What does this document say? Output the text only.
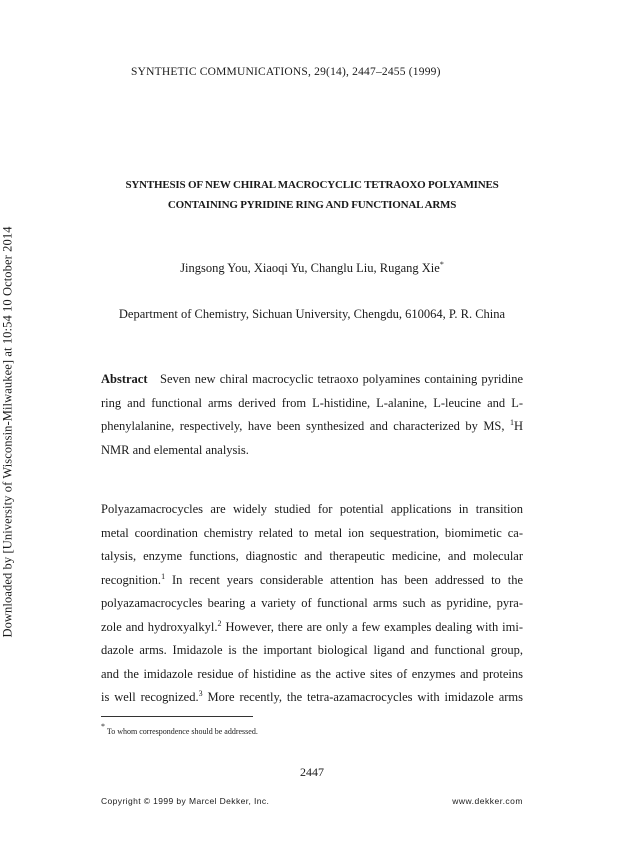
Downloaded by [University of Wisconsin-Milwaukee] at 10:54 10 October 2014
SYNTHETIC COMMUNICATIONS, 29(14), 2447–2455 (1999)
SYNTHESIS OF NEW CHIRAL MACROCYCLIC TETRAOXO POLYAMINES
CONTAINING PYRIDINE RING AND FUNCTIONAL ARMS
Jingsong You, Xiaoqi Yu, Changlu Liu, Rugang Xie*
Department of Chemistry, Sichuan University, Chengdu, 610064, P. R. China
Abstract Seven new chiral macrocyclic tetraoxo polyamines containing pyridine
ring and functional arms derived from L-histidine, L-alanine, L-leucine and L-
phenylalanine, respectively, have been synthesized and characterized by MS, $^1$H
NMR and elemental analysis.
Polyazamacrocycles are widely studied for potential applications in transition
metal coordination chemistry related to metal ion sequestration, biomimetic ca-
talysis, enzyme functions, diagnostic and therapeutic medicine, and molecular
recognition.$^1$ In recent years considerable attention has been addressed to the
polyazamacrocycles bearing a variety of functional arms such as pyridine, pyra-
zole and hydroxyalkyl.$^2$ However, there are only a few examples dealing with imi-
dazole arms. Imidazole is the important biological ligand and functional group,
and the imidazole residue of histidine as the active sites of enzymes and proteins
is well recognized.$^3$ More recently, the tetra-azamacrocycles with imidazole arms
* To whom correspondence should be addressed.
2447
Copyright © 1999 by Marcel Dekker, Inc.	www.dekker.com
